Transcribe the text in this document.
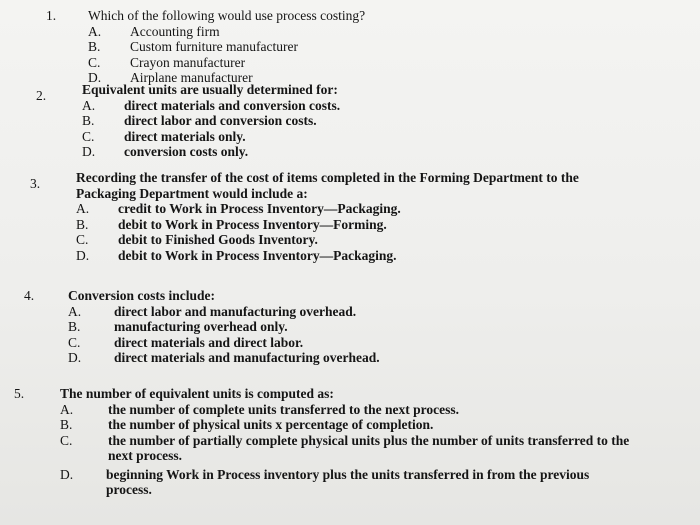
1. Which of the following would use process costing?
A.	Accounting firm
B.	Custom furniture manufacturer
C.	Crayon manufacturer
D.	Airplane manufacturer
2.	Equivalent units are usually determined for:
A.	direct materials and conversion costs.
B.	direct labor and conversion costs.
C.	direct materials only.
D.	conversion costs only.
3.	Recording the transfer of the cost of items completed in the Forming Department to the
Packaging Department would include a:
A.	credit to Work in Process Inventory—Packaging.
B.	debit to Work in Process Inventory—Forming.
C.	debit to Finished Goods Inventory.
D.	debit to Work in Process Inventory—Packaging.
4.	Conversion costs include:
A.	direct labor and manufacturing overhead.
B.	manufacturing overhead only.
C.	direct materials and direct labor.
D.	direct materials and manufacturing overhead.
5.	The number of equivalent units is computed as:
A.	the number of complete units transferred to the next process.
B.	the number of physical units x percentage of completion.
C.	the number of partially complete physical units plus the number of units transferred to the
next process.
D.	beginning Work in Process inventory plus the units transferred in from the previous
process.
